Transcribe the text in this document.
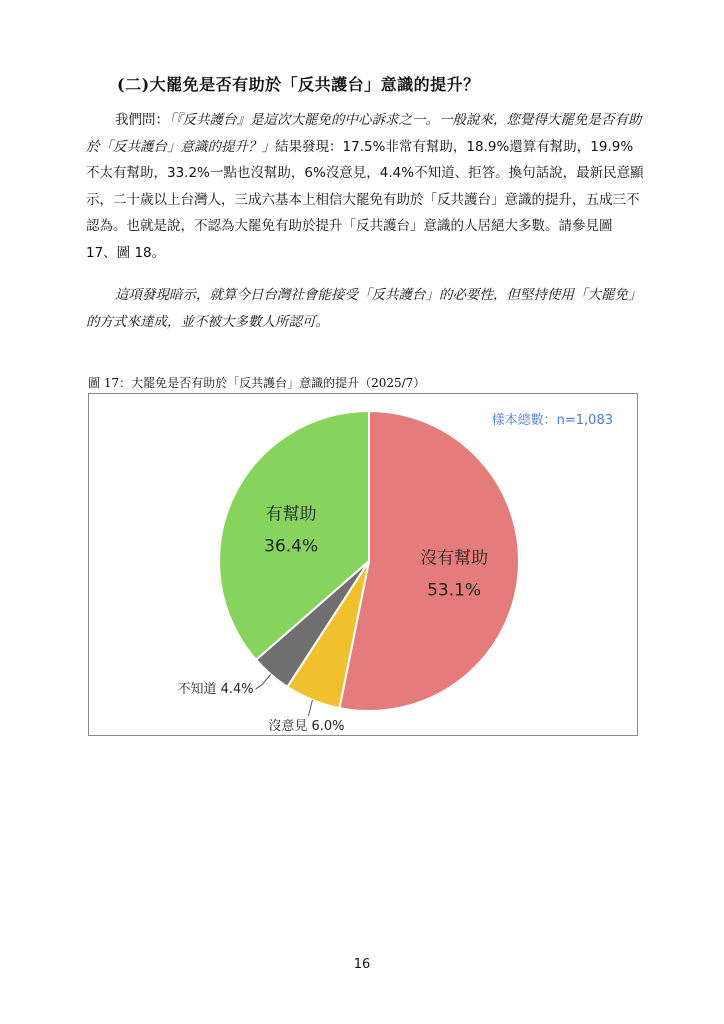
(二)大罷免是否有助於「反共護台」意識的提升？

我們問：「『反共護台』是這次大罷免的中心訴求之一。一般說來，您覺得大罷免是否有助於「反共護台」意識的提升？」結果發現：17.5%非常有幫助，18.9%還算有幫助，19.9%不太有幫助，33.2%一點也沒幫助，6%沒意見，4.4%不知道、拒答。換句話說，最新民意顯示，二十歲以上台灣人，三成六基本上相信大罷免有助於「反共護台」意識的提升，五成三不認為。也就是說，不認為大罷免有助於提升「反共護台」意識的人居絕大多數。請參見圖 17、圖 18。

這項發現暗示，就算今日台灣社會能接受「反共護台」的必要性，但堅持使用「大罷免」的方式來達成，並不被大多數人所認可。

圖 17：大罷免是否有助於「反共護台」意識的提升（2025/7）
沒有幫助
53.1%
沒意見 6.0%
不知道 4.4%
有幫助
36.4%
樣本總數：n=1,083
16
